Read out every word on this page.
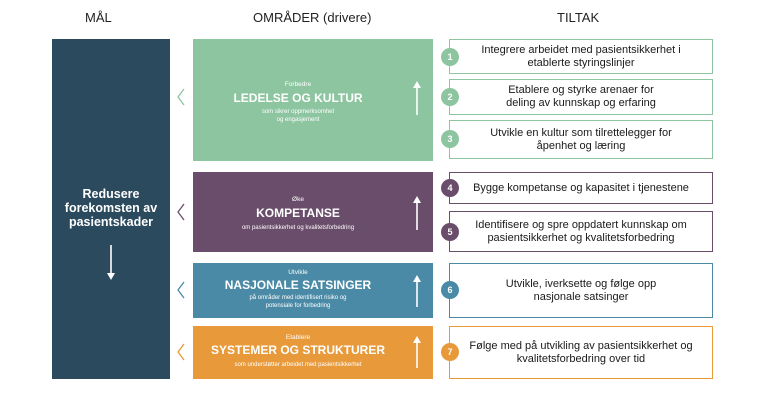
MÅL	OMRÅDER (drivere)	TILTAK
Redusere
forekomsten av
pasientskader
Forbedre
LEDELSE OG KULTUR
som sikrer oppmerksomhet
og engasjement
Øke
KOMPETANSE
om pasientsikkerhet og kvalitetsforbedring
Utvikle
NASJONALE SATSINGER
på områder med identifisert risiko og
potensiale for forbedring
Etablere
SYSTEMER OG STRUKTURER
som understøtter arbeidet med pasientsikkerhet
Integrere arbeidet med pasientsikkerhet i
etablerte styringslinjer
1
Etablere og styrke arenaer for
deling av kunnskap og erfaring
2
Utvikle en kultur som tilrettelegger for
åpenhet og læring
3
Bygge kompetanse og kapasitet i tjenestene
4
Identifisere og spre oppdatert kunnskap om
pasientsikkerhet og kvalitetsforbedring
5
Utvikle, iverksette og følge opp
nasjonale satsinger
6
Følge med på utvikling av pasientsikkerhet og
kvalitetsforbedring over tid
7
